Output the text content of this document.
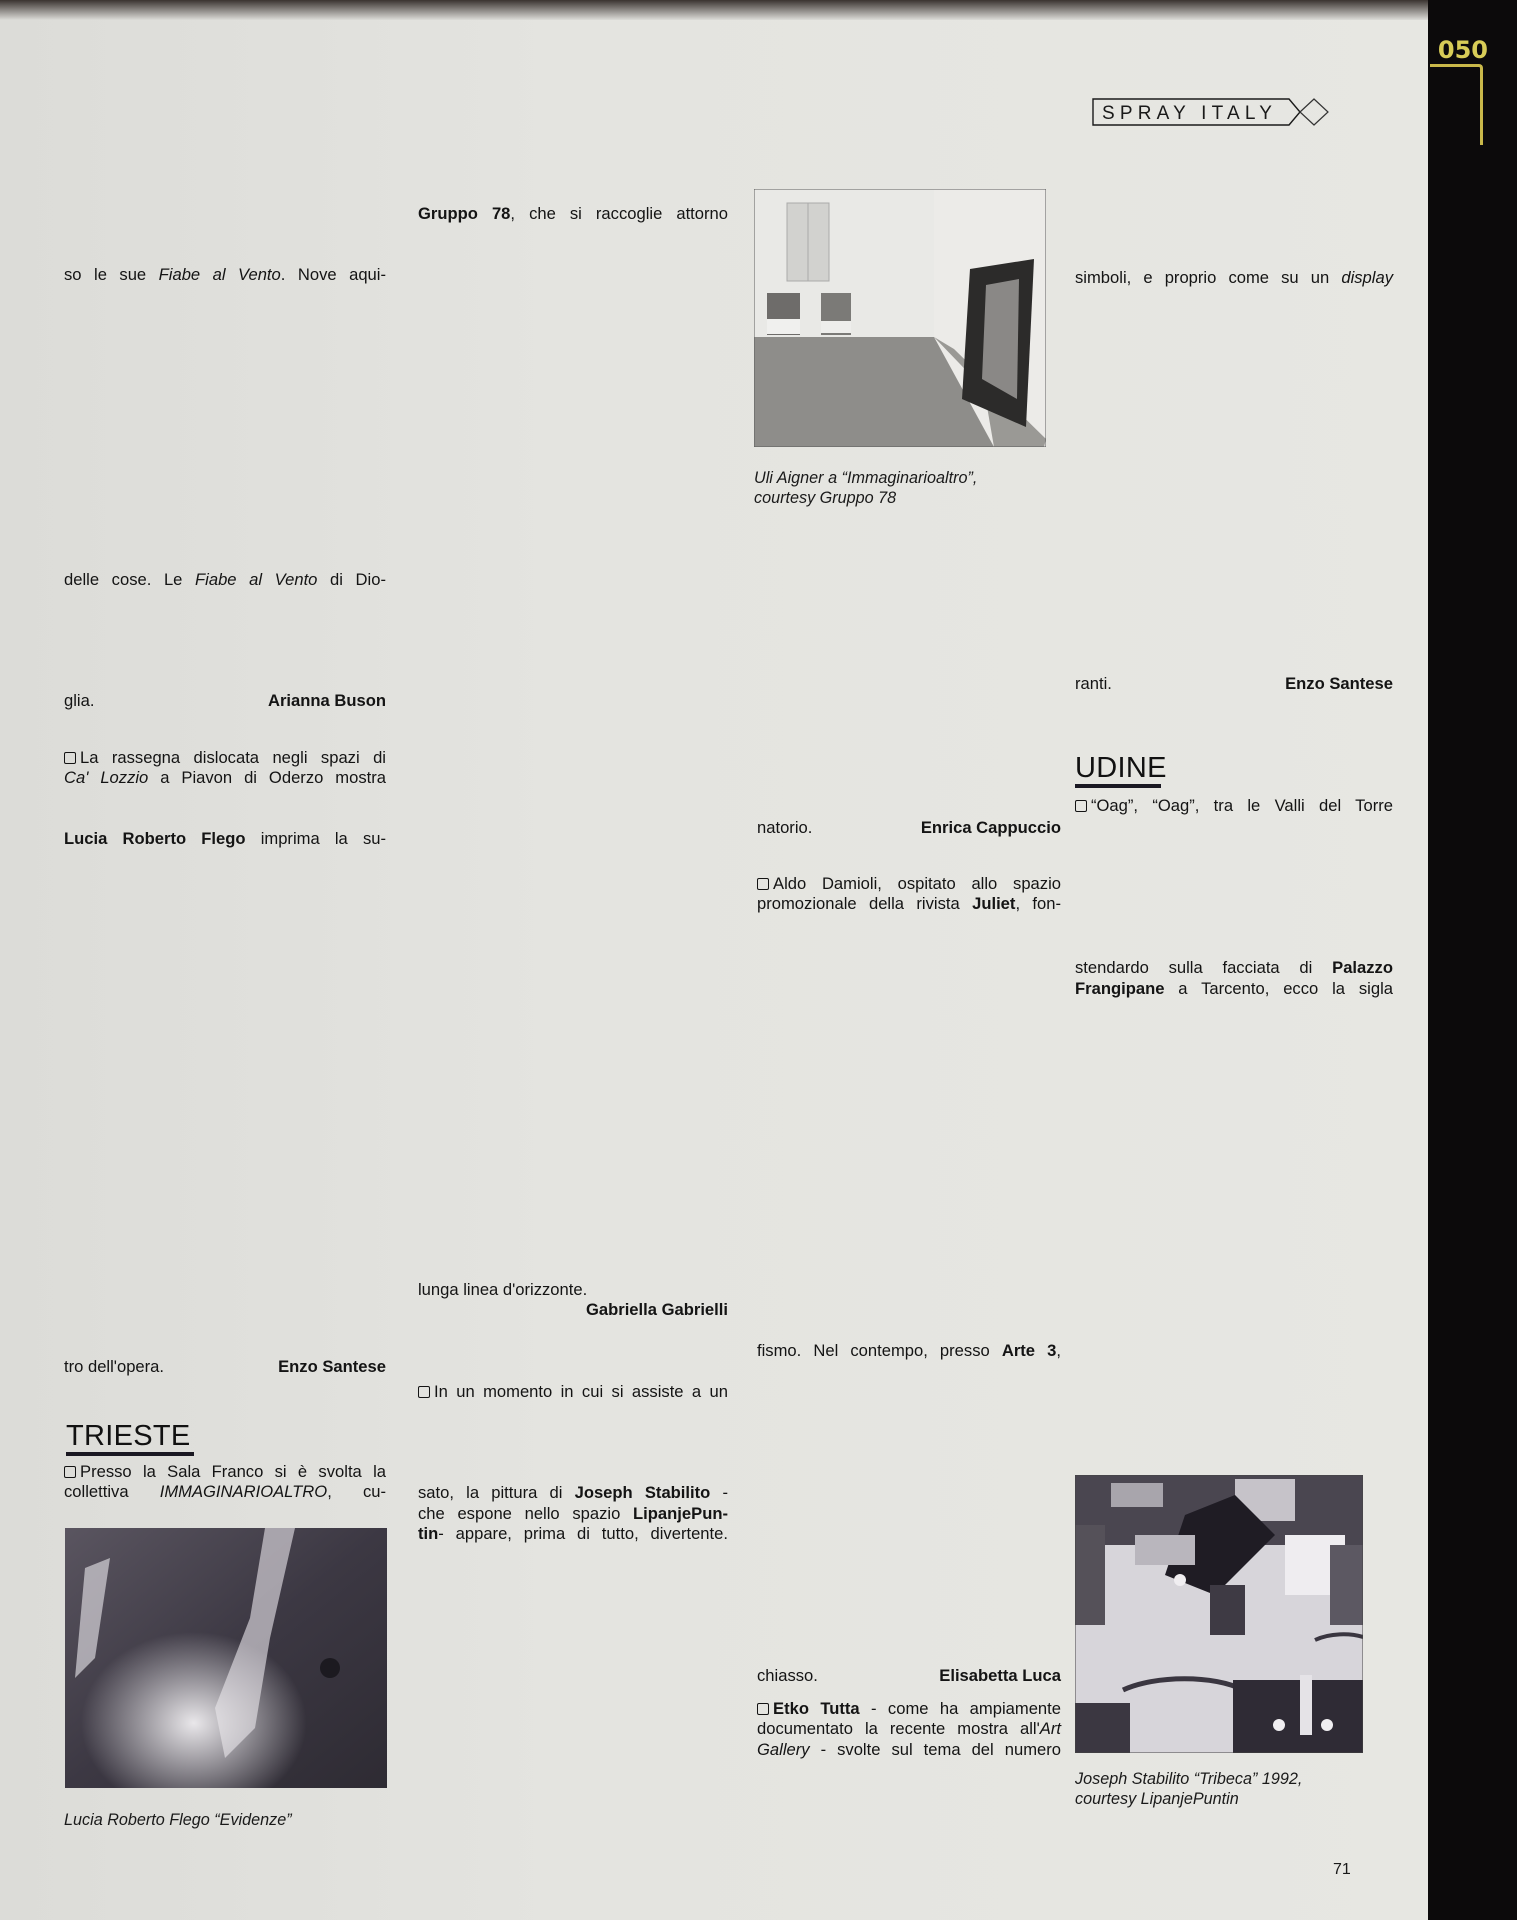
050
SPRAY ITALY
so le sue Fiabe al Vento. Nove aqui-
delle cose. Le Fiabe al Vento di Dio-
glia.	Arianna Buson
La rassegna dislocata negli spazi di
Ca' Lozzio a Piavon di Oderzo mostra
Lucia Roberto Flego imprima la su-
tro dell'opera.	Enzo Santese
TRIESTE
Presso la Sala Franco si è svolta la
collettiva IMMAGINARIOALTRO, cu-
Lucia Roberto Flego “Evidenze”
Gruppo 78, che si raccoglie attorno
lunga linea d'orizzonte.
Gabriella Gabrielli
In un momento in cui si assiste a un
sato, la pittura di Joseph Stabilito -
che espone nello spazio LipanjePun-
tin- appare, prima di tutto, divertente.
Uli Aigner a “Immaginarioaltro”,
courtesy Gruppo 78
natorio.	Enrica Cappuccio
Aldo Damioli, ospitato allo spazio
promozionale della rivista Juliet, fon-
fismo. Nel contempo, presso Arte 3,
chiasso.	Elisabetta Luca
Etko Tutta - come ha ampiamente
documentato la recente mostra all'Art
Gallery - svolte sul tema del numero
simboli, e proprio come su un display
ranti.	Enzo Santese
UDINE
“Oag”, “Oag”, tra le Valli del Torre
stendardo sulla facciata di Palazzo
Frangipane a Tarcento, ecco la sigla
Joseph Stabilito “Tribeca” 1992,
courtesy LipanjePuntin
71
